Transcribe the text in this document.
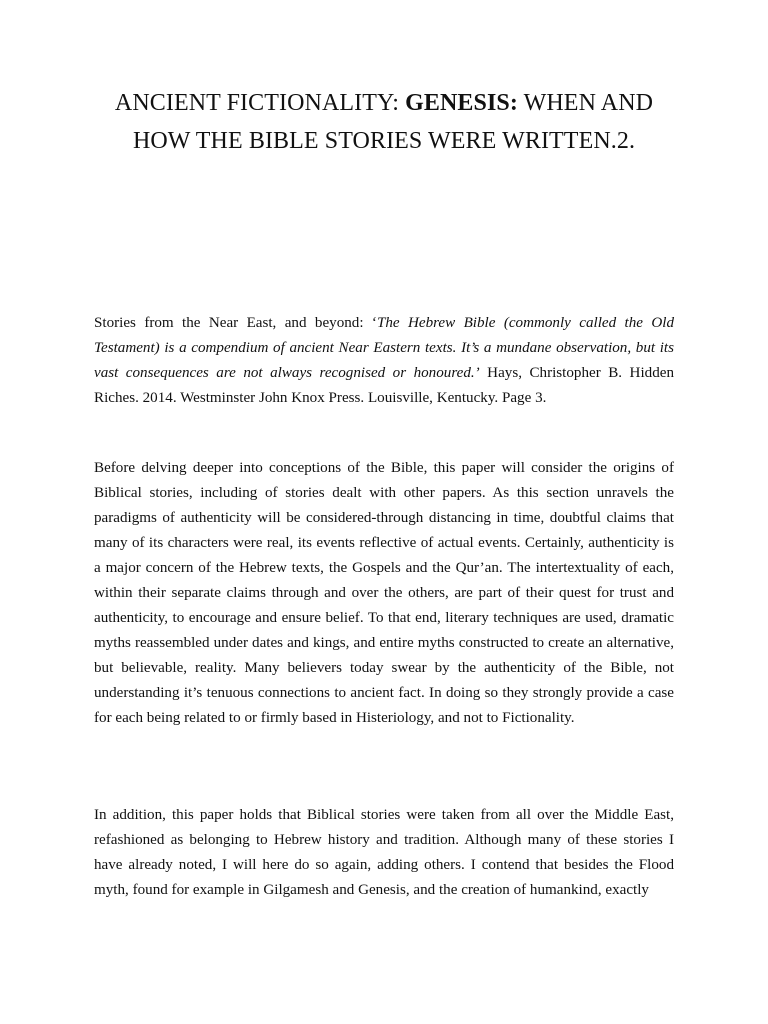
ANCIENT FICTIONALITY: GENESIS: WHEN AND
HOW THE BIBLE STORIES WERE WRITTEN.2.

Stories from the Near East, and beyond: ‘The Hebrew Bible (commonly called the Old Testament) is a compendium of ancient Near Eastern texts. It’s a mundane observation, but its vast consequences are not always recognised or honoured.’ Hays, Christopher B. Hidden Riches. 2014. Westminster John Knox Press. Louisville, Kentucky. Page 3.

Before delving deeper into conceptions of the Bible, this paper will consider the origins of Biblical stories, including of stories dealt with other papers. As this section unravels the paradigms of authenticity will be considered-through distancing in time, doubtful claims that many of its characters were real, its events reflective of actual events. Certainly, authenticity is a major concern of the Hebrew texts, the Gospels and the Qur’an. The intertextuality of each, within their separate claims through and over the others, are part of their quest for trust and authenticity, to encourage and ensure belief. To that end, literary techniques are used, dramatic myths reassembled under dates and kings, and entire myths constructed to create an alternative, but believable, reality. Many believers today swear by the authenticity of the Bible, not understanding it’s tenuous connections to ancient fact. In doing so they strongly provide a case for each being related to or firmly based in Histeriology, and not to Fictionality.

In addition, this paper holds that Biblical stories were taken from all over the Middle East, refashioned as belonging to Hebrew history and tradition. Although many of these stories I have already noted, I will here do so again, adding others. I contend that besides the Flood myth, found for example in Gilgamesh and Genesis, and the creation of humankind, exactly
